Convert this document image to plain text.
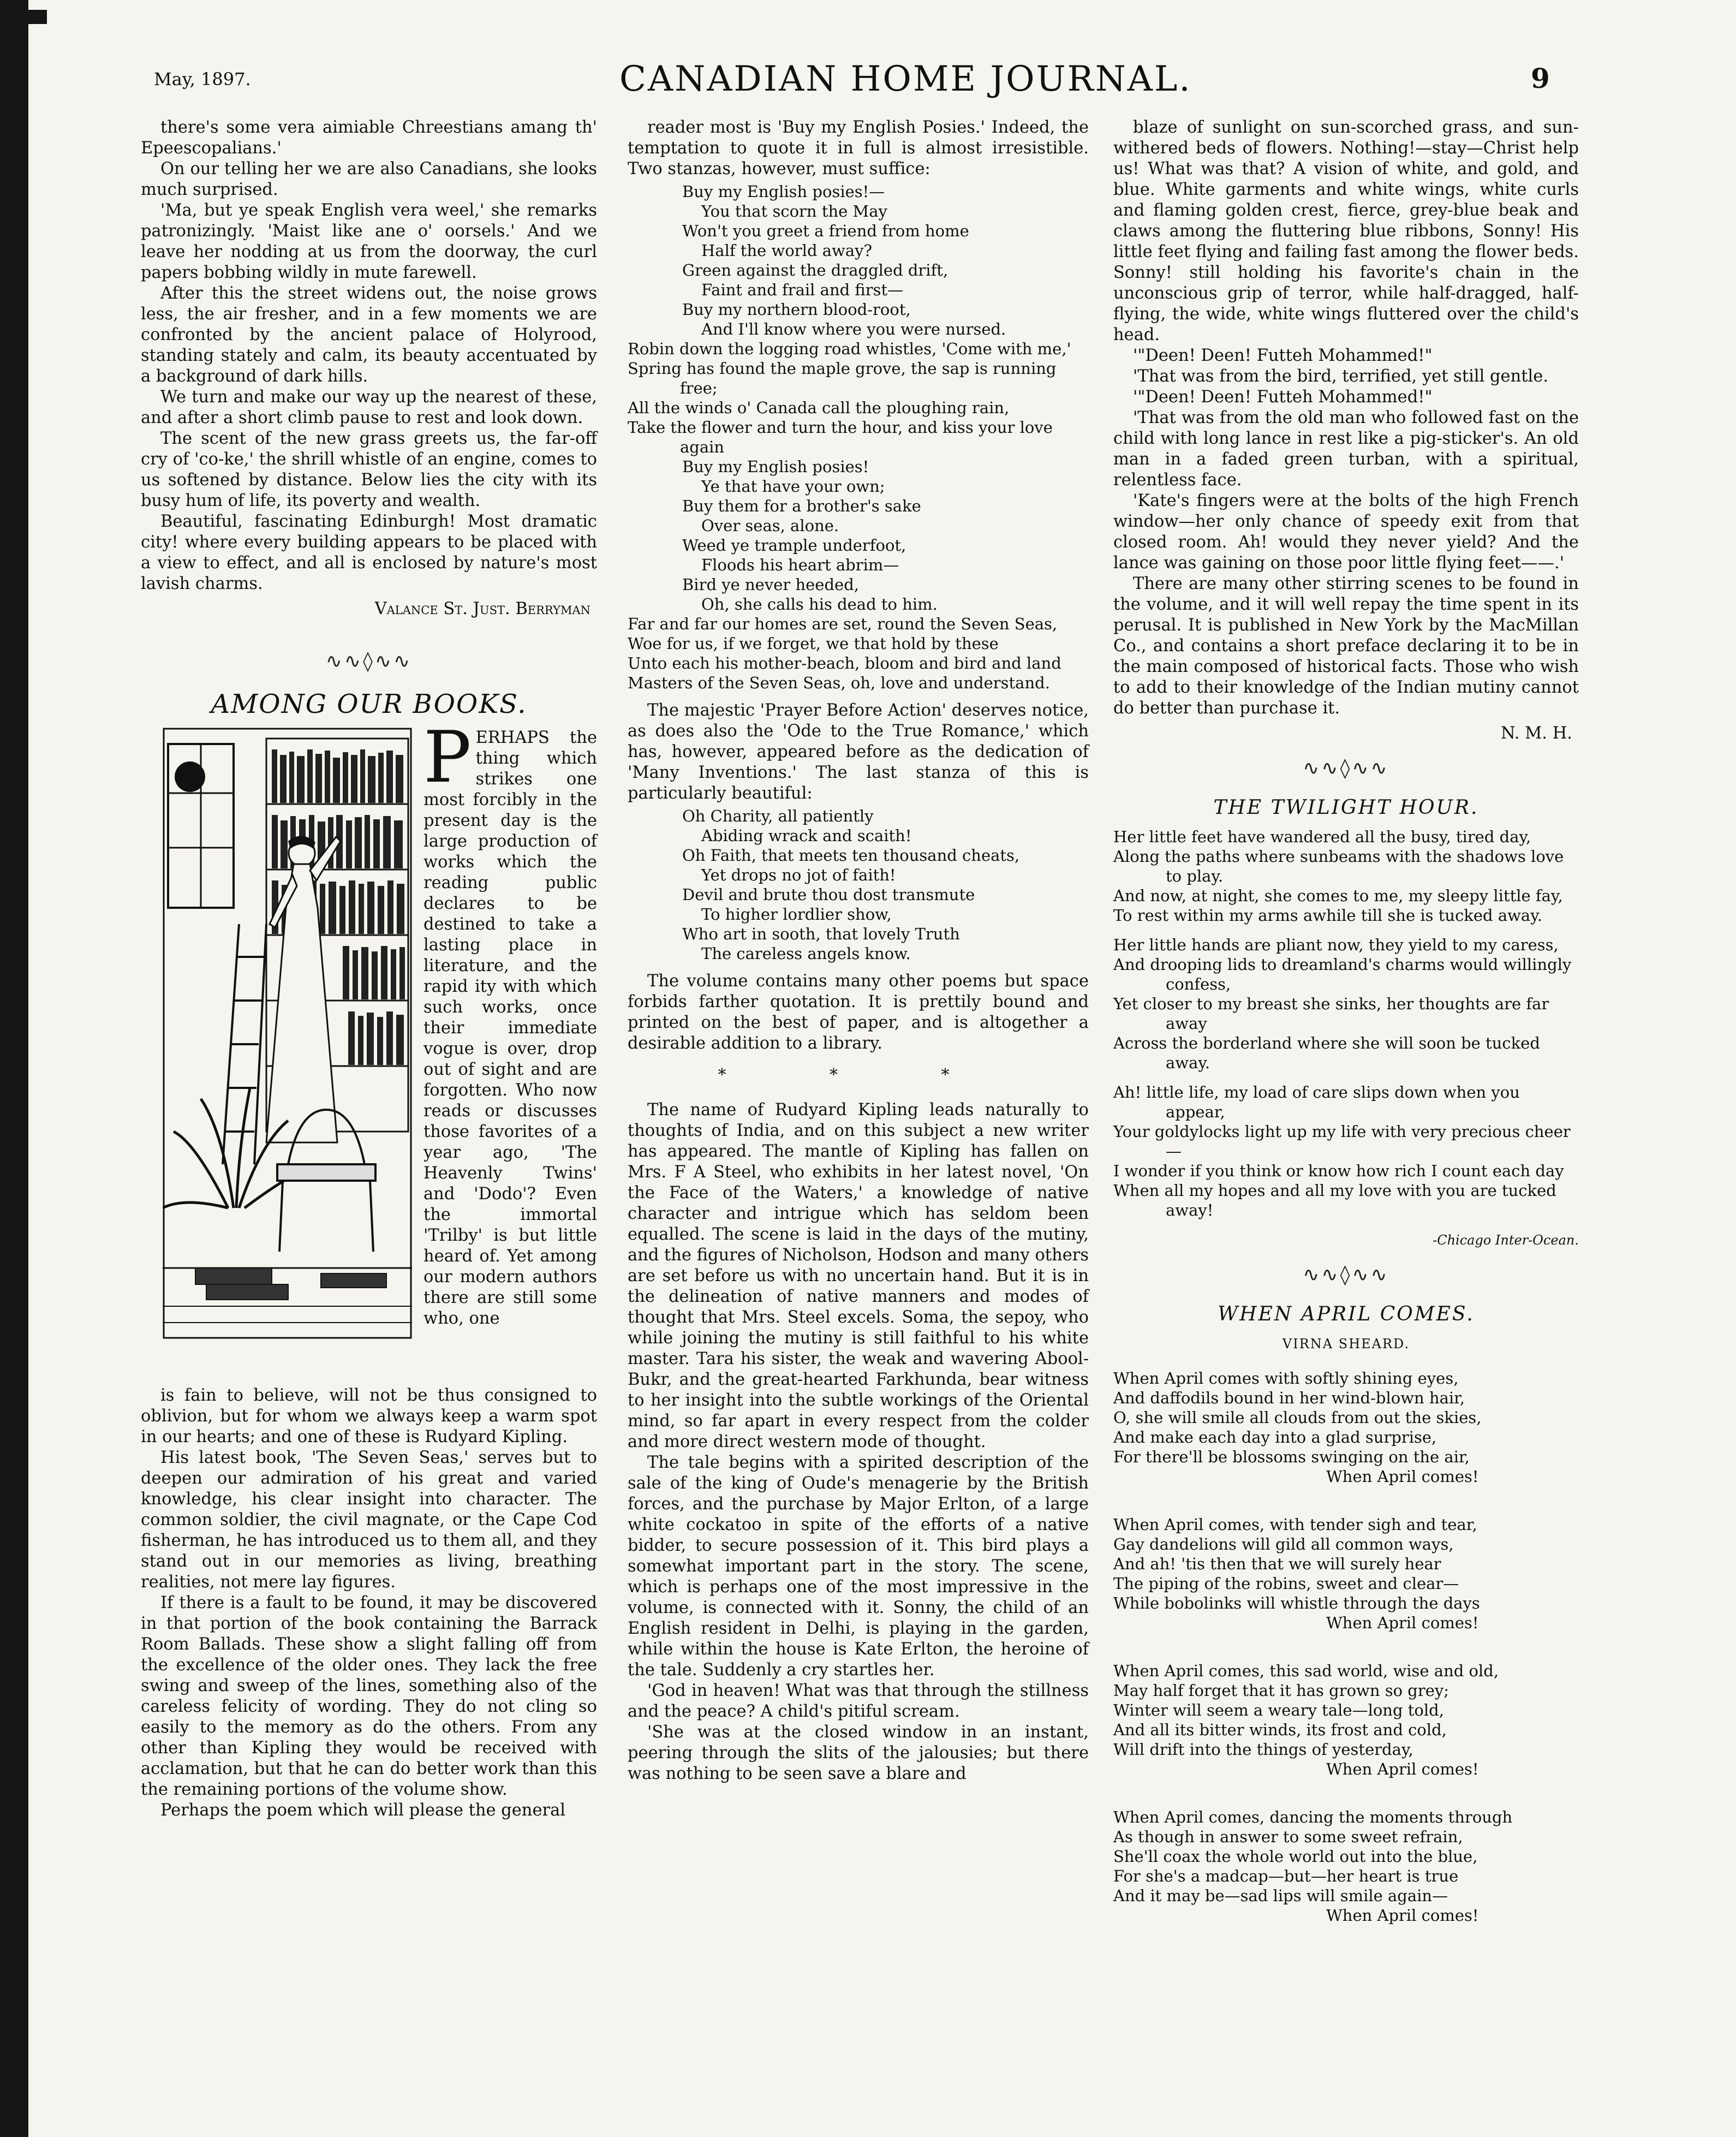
May, 1897.	CANADIAN HOME JOURNAL.	9

there's some vera aimiable Chreestians amang th' Epeescopalians.'

On our telling her we are also Canadians, she looks much surprised.

'Ma, but ye speak English vera weel,' she remarks patronizingly. 'Maist like ane o' oorsels.' And we leave her nodding at us from the doorway, the curl papers bobbing wildly in mute farewell.

After this the street widens out, the noise grows less, the air fresher, and in a few moments we are confronted by the ancient palace of Holyrood, standing stately and calm, its beauty accentuated by a background of dark hills.

We turn and make our way up the nearest of these, and after a short climb pause to rest and look down.

The scent of the new grass greets us, the far-off cry of 'co-ke,' the shrill whistle of an engine, comes to us softened by distance. Below lies the city with its busy hum of life, its poverty and wealth.

Beautiful, fascinating Edinburgh! Most dramatic city! where every building appears to be placed with a view to effect, and all is enclosed by nature's most lavish charms.

Valance St. Just. Berryman
∿∿◊∿∿
AMONG OUR BOOKS.

PERHAPS the thing which strikes one most forcibly in the present day is the large production of works which the reading public declares to be destined to take a lasting place in literature, and the rapid ity with which such works, once their immediate vogue is over, drop out of sight and are forgotten. Who now reads or discusses those favorites of a year ago, 'The Heavenly Twins' and 'Dodo'? Even the immortal 'Trilby' is but little heard of. Yet among our modern authors there are still some who, one

is fain to believe, will not be thus consigned to oblivion, but for whom we always keep a warm spot in our hearts; and one of these is Rudyard Kipling.

His latest book, 'The Seven Seas,' serves but to deepen our admiration of his great and varied knowledge, his clear insight into character. The common soldier, the civil magnate, or the Cape Cod fisherman, he has introduced us to them all, and they stand out in our memories as living, breathing realities, not mere lay figures.

If there is a fault to be found, it may be discovered in that portion of the book containing the Barrack Room Ballads. These show a slight falling off from the excellence of the older ones. They lack the free swing and sweep of the lines, something also of the careless felicity of wording. They do not cling so easily to the memory as do the others. From any other than Kipling they would be received with acclamation, but that he can do better work than this the remaining portions of the volume show.

Perhaps the poem which will please the general

reader most is 'Buy my English Posies.' Indeed, the temptation to quote it in full is almost irresistible. Two stanzas, however, must suffice:

Buy my English posies!—
You that scorn the May
Won't you greet a friend from home
Half the world away?
Green against the draggled drift,
Faint and frail and first—
Buy my northern blood-root,
And I'll know where you were nursed.
Robin down the logging road whistles, 'Come with me,'
Spring has found the maple grove, the sap is running free;
All the winds o' Canada call the ploughing rain,
Take the flower and turn the hour, and kiss your love again
Buy my English posies!
Ye that have your own;
Buy them for a brother's sake
Over seas, alone.
Weed ye trample underfoot,
Floods his heart abrim—
Bird ye never heeded,
Oh, she calls his dead to him.
Far and far our homes are set, round the Seven Seas,
Woe for us, if we forget, we that hold by these
Unto each his mother-beach, bloom and bird and land
Masters of the Seven Seas, oh, love and understand.

The majestic 'Prayer Before Action' deserves notice, as does also the 'Ode to the True Romance,' which has, however, appeared before as the dedication of 'Many Inventions.' The last stanza of this is particularly beautiful:

Oh Charity, all patiently
Abiding wrack and scaith!
Oh Faith, that meets ten thousand cheats,
Yet drops no jot of faith!
Devil and brute thou dost transmute
To higher lordlier show,
Who art in sooth, that lovely Truth
The careless angels know.

The volume contains many other poems but space forbids farther quotation. It is prettily bound and printed on the best of paper, and is altogether a desirable addition to a library.

* * *

The name of Rudyard Kipling leads naturally to thoughts of India, and on this subject a new writer has appeared. The mantle of Kipling has fallen on Mrs. F A Steel, who exhibits in her latest novel, 'On the Face of the Waters,' a knowledge of native character and intrigue which has seldom been equalled. The scene is laid in the days of the mutiny, and the figures of Nicholson, Hodson and many others are set before us with no uncertain hand. But it is in the delineation of native manners and modes of thought that Mrs. Steel excels. Soma, the sepoy, who while joining the mutiny is still faithful to his white master. Tara his sister, the weak and wavering Abool-Bukr, and the great-hearted Farkhunda, bear witness to her insight into the subtle workings of the Oriental mind, so far apart in every respect from the colder and more direct western mode of thought.

The tale begins with a spirited description of the sale of the king of Oude's menagerie by the British forces, and the purchase by Major Erlton, of a large white cockatoo in spite of the efforts of a native bidder, to secure possession of it. This bird plays a somewhat important part in the story. The scene, which is perhaps one of the most impressive in the volume, is connected with it. Sonny, the child of an English resident in Delhi, is playing in the garden, while within the house is Kate Erlton, the heroine of the tale. Suddenly a cry startles her.

'God in heaven! What was that through the stillness and the peace? A child's pitiful scream.

'She was at the closed window in an instant, peering through the slits of the jalousies; but there was nothing to be seen save a blare and

blaze of sunlight on sun-scorched grass, and sun-withered beds of flowers. Nothing!—stay—Christ help us! What was that? A vision of white, and gold, and blue. White garments and white wings, white curls and flaming golden crest, fierce, grey-blue beak and claws among the fluttering blue ribbons, Sonny! His little feet flying and failing fast among the flower beds. Sonny! still holding his favorite's chain in the unconscious grip of terror, while half-dragged, half-flying, the wide, white wings fluttered over the child's head.

'"Deen! Deen! Futteh Mohammed!"

'That was from the bird, terrified, yet still gentle.

'"Deen! Deen! Futteh Mohammed!"

'That was from the old man who followed fast on the child with long lance in rest like a pig-sticker's. An old man in a faded green turban, with a spiritual, relentless face.

'Kate's fingers were at the bolts of the high French window—her only chance of speedy exit from that closed room. Ah! would they never yield? And the lance was gaining on those poor little flying feet——.'

There are many other stirring scenes to be found in the volume, and it will well repay the time spent in its perusal. It is published in New York by the MacMillan Co., and contains a short preface declaring it to be in the main composed of historical facts. Those who wish to add to their knowledge of the Indian mutiny cannot do better than purchase it.

N. M. H.
∿∿◊∿∿
THE TWILIGHT HOUR.
Her little feet have wandered all the busy, tired day,
Along the paths where sunbeams with the shadows love to play.
And now, at night, she comes to me, my sleepy little fay,
To rest within my arms awhile till she is tucked away.
Her little hands are pliant now, they yield to my caress,
And drooping lids to dreamland's charms would willingly confess,
Yet closer to my breast she sinks, her thoughts are far away
Across the borderland where she will soon be tucked away.
Ah! little life, my load of care slips down when you appear,
Your goldylocks light up my life with very precious cheer—
I wonder if you think or know how rich I count each day
When all my hopes and all my love with you are tucked away!
-Chicago Inter-Ocean.
∿∿◊∿∿
WHEN APRIL COMES.
VIRNA SHEARD.
When April comes with softly shining eyes,
And daffodils bound in her wind-blown hair,
O, she will smile all clouds from out the skies,
And make each day into a glad surprise,
For there'll be blossoms swinging on the air,
When April comes!
When April comes, with tender sigh and tear,
Gay dandelions will gild all common ways,
And ah! 'tis then that we will surely hear
The piping of the robins, sweet and clear—
While bobolinks will whistle through the days
When April comes!
When April comes, this sad world, wise and old,
May half forget that it has grown so grey;
Winter will seem a weary tale—long told,
And all its bitter winds, its frost and cold,
Will drift into the things of yesterday,
When April comes!
When April comes, dancing the moments through
As though in answer to some sweet refrain,
She'll coax the whole world out into the blue,
For she's a madcap—but—her heart is true
And it may be—sad lips will smile again—
When April comes!
